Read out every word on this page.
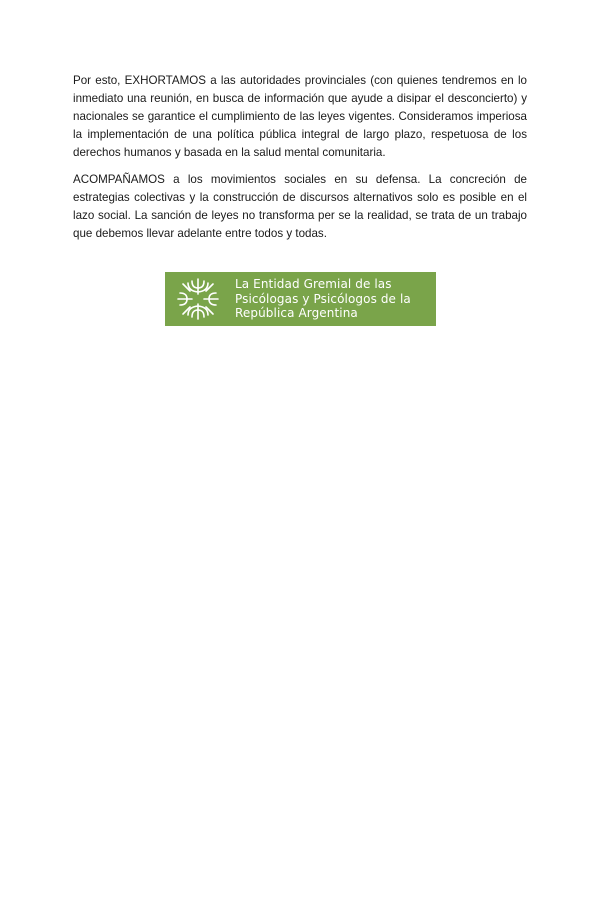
Por esto, EXHORTAMOS a las autoridades provinciales (con quienes tendremos en lo inmediato una reunión, en busca de información que ayude a disipar el desconcierto) y nacionales se garantice el cumplimiento de las leyes vigentes. Consideramos imperiosa la implementación de una política pública integral de largo plazo, respetuosa de los derechos humanos y basada en la salud mental comunitaria.

ACOMPAÑAMOS a los movimientos sociales en su defensa. La concreción de estrategias colectivas y la construcción de discursos alternativos solo es posible en el lazo social. La sanción de leyes no transforma per se la realidad, se trata de un trabajo que debemos llevar adelante entre todos y todas.

La Entidad Gremial de las
Psicólogas y Psicólogos de la
República Argentina
